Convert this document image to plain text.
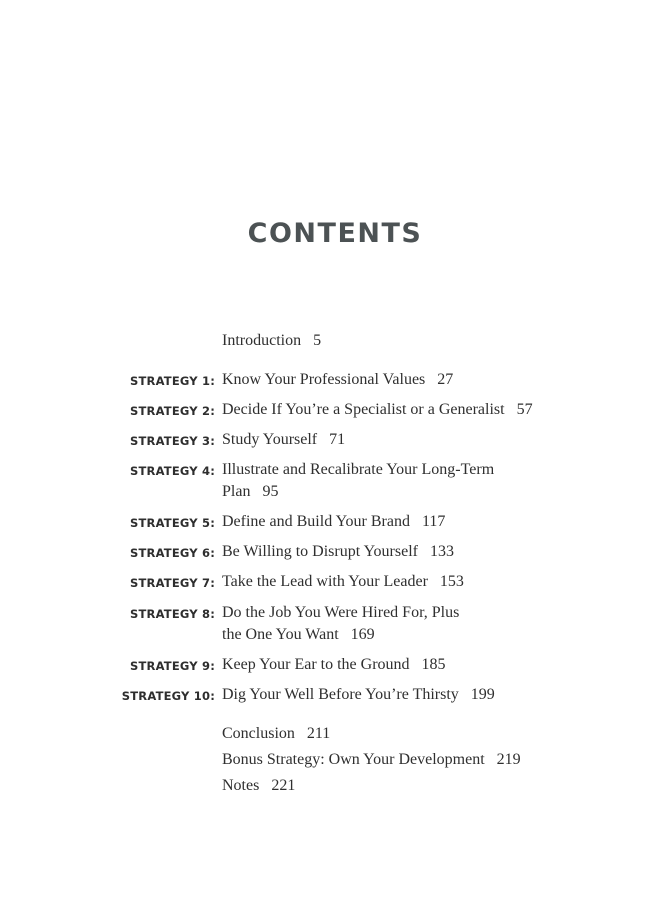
CONTENTS
Introduction 5
STRATEGY 1: Know Your Professional Values 27
STRATEGY 2: Decide If You’re a Specialist or a Generalist 57
STRATEGY 3: Study Yourself 71
STRATEGY 4: Illustrate and Recalibrate Your Long-Term Plan 95
STRATEGY 5: Define and Build Your Brand 117
STRATEGY 6: Be Willing to Disrupt Yourself 133
STRATEGY 7: Take the Lead with Your Leader 153
STRATEGY 8: Do the Job You Were Hired For, Plus the One You Want 169
STRATEGY 9: Keep Your Ear to the Ground 185
STRATEGY 10: Dig Your Well Before You’re Thirsty 199
Conclusion 211
Bonus Strategy: Own Your Development 219
Notes 221
